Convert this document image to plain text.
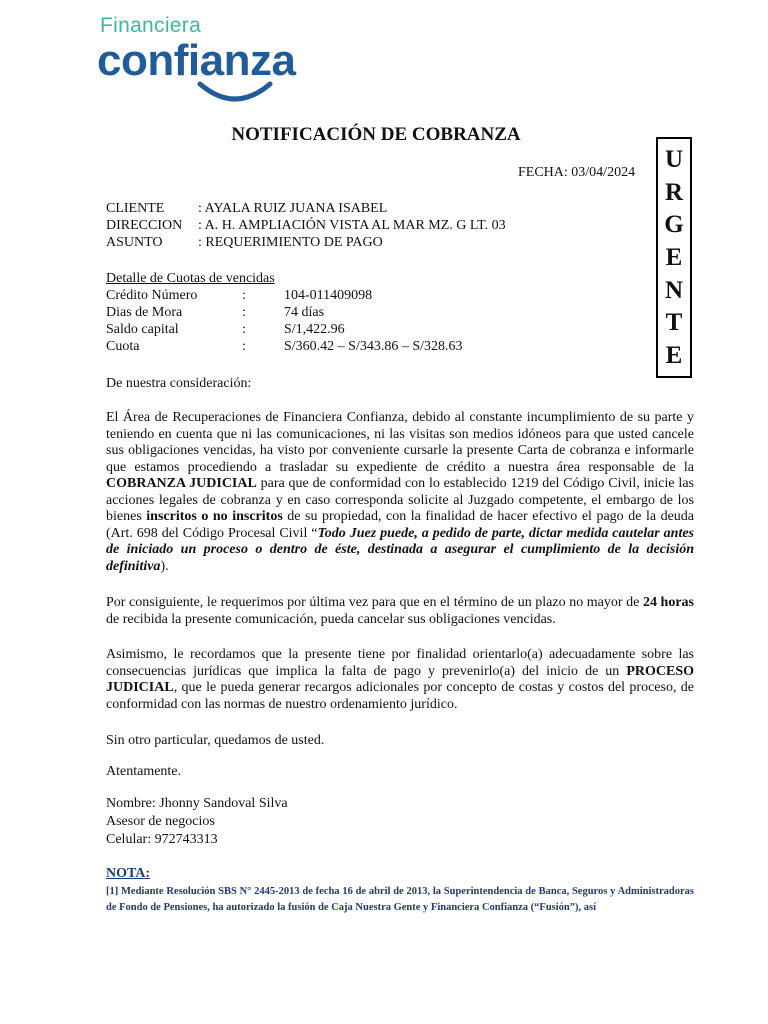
Financiera
confianza
NOTIFICACIÓN DE COBRANZA
U
R
G
E
N
T
E
FECHA: 03/04/2024
CLIENTE : AYALA RUIZ JUANA ISABEL
DIRECCION : A. H. AMPLIACIÓN VISTA AL MAR MZ. G LT. 03
ASUNTO	: REQUERIMIENTO DE PAGO
Detalle de Cuotas de vencidas
Crédito Número	:	104-011409098
Dias de Mora	:	74 días
Saldo capital	:	S/1,422.96
Cuota	:	S/360.42 – S/343.86 – S/328.63
De nuestra consideración:
El Área de Recuperaciones de Financiera Confianza, debido al constante incumplimiento de su parte y teniendo en cuenta que ni las comunicaciones, ni las visitas son medios idóneos para que usted cancele sus obligaciones vencidas, ha visto por conveniente cursarle la presente Carta de cobranza e informarle que estamos procediendo a trasladar su expediente de crédito a nuestra área responsable de la COBRANZA JUDICIAL para que de conformidad con lo establecido 1219 del Código Civil, inicie las acciones legales de cobranza y en caso corresponda solicite al Juzgado competente, el embargo de los bienes inscritos o no inscritos de su propiedad, con la finalidad de hacer efectivo el pago de la deuda (Art. 698 del Código Procesal Civil “Todo Juez puede, a pedido de parte, dictar medida cautelar antes de iniciado un proceso o dentro de éste, destinada a asegurar el cumplimiento de la decisión definitiva).
Por consiguiente, le requerimos por última vez para que en el término de un plazo no mayor de 24 horas de recibida la presente comunicación, pueda cancelar sus obligaciones vencidas.
Asimismo, le recordamos que la presente tiene por finalidad orientarlo(a) adecuadamente sobre las consecuencias jurídicas que implica la falta de pago y prevenirlo(a) del inicio de un PROCESO JUDICIAL, que le pueda generar recargos adicionales por concepto de costas y costos del proceso, de conformidad con las normas de nuestro ordenamiento jurídico.
Sin otro particular, quedamos de usted.
Atentamente.
Nombre: Jhonny Sandoval Silva
Asesor de negocios
Celular: 972743313
NOTA:
[1] Mediante Resolución SBS N° 2445-2013 de fecha 16 de abril de 2013, la Superintendencia de Banca, Seguros y Administradoras de Fondo de Pensiones, ha autorizado la fusión de Caja Nuestra Gente y Financiera Confianza (“Fusión”), así
